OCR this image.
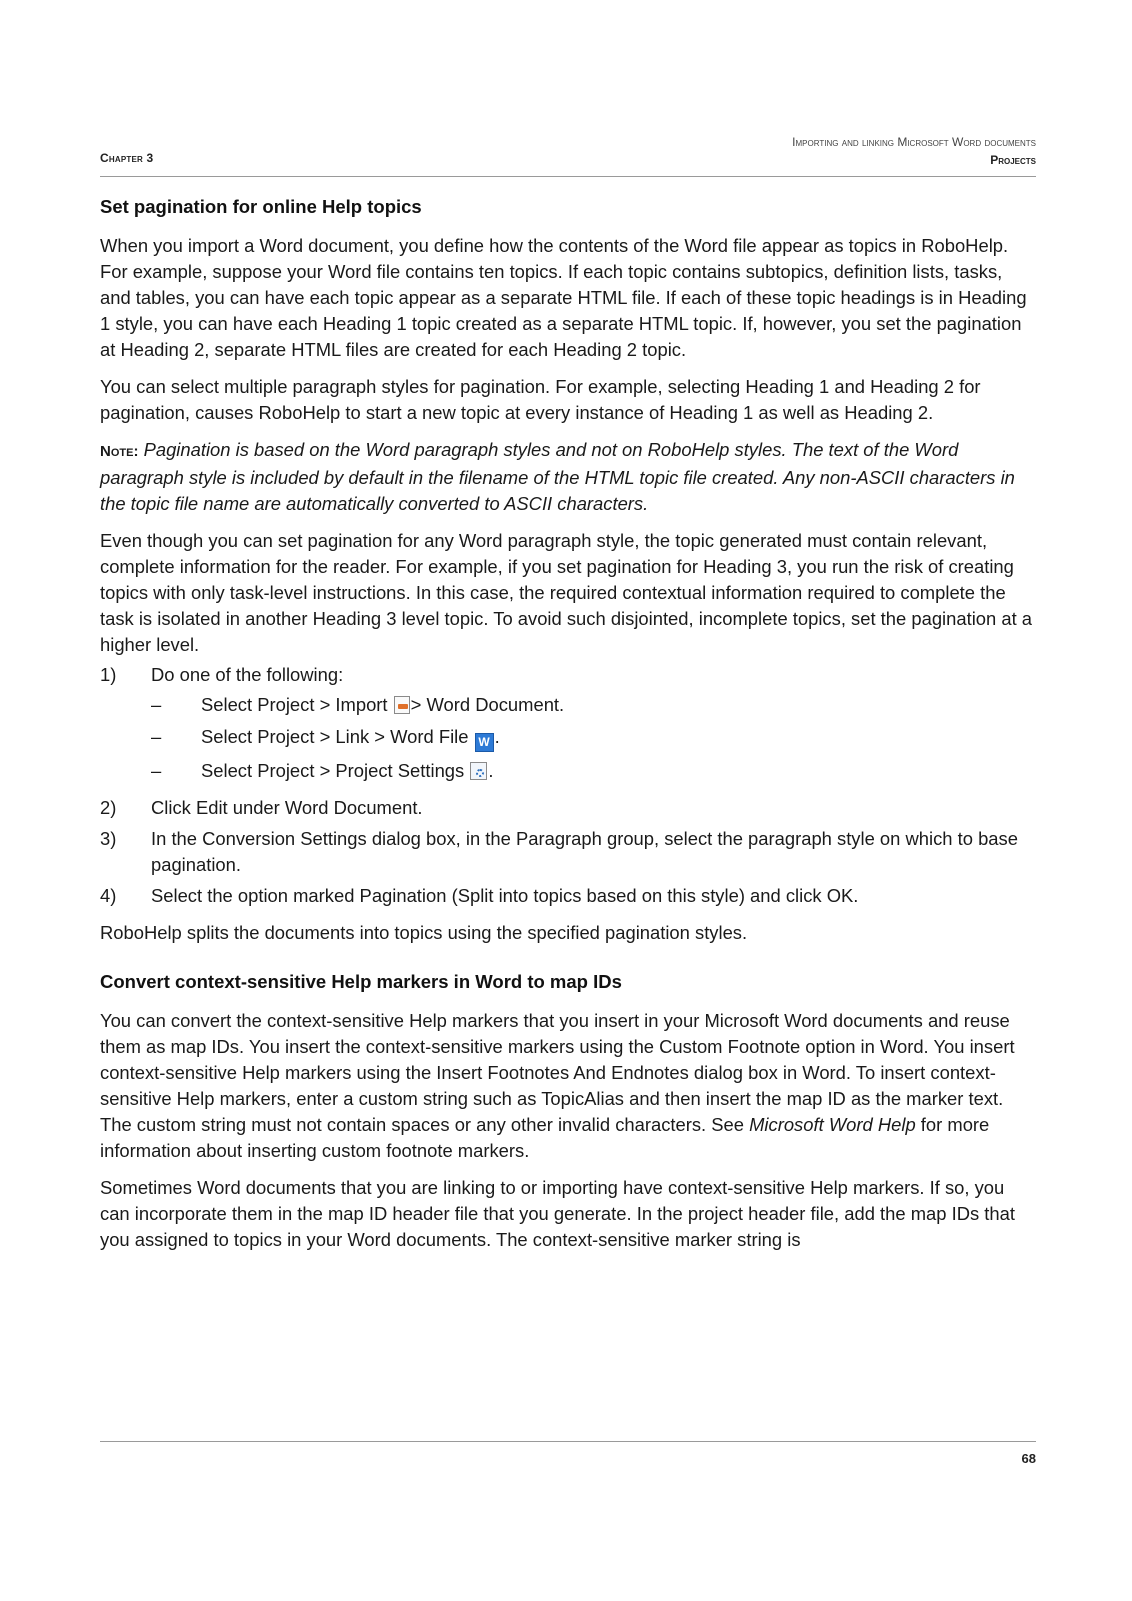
Chapter 3
Importing and linking Microsoft Word documents
Projects
Set pagination for online Help topics

When you import a Word document, you define how the contents of the Word file appear as topics in RoboHelp. For example, suppose your Word file contains ten topics. If each topic contains subtopics, definition lists, tasks, and tables, you can have each topic appear as a separate HTML file. If each of these topic headings is in Heading 1 style, you can have each Heading 1 topic created as a separate HTML topic. If, however, you set the pagination at Heading 2, separate HTML files are created for each Heading 2 topic.

You can select multiple paragraph styles for pagination. For example, selecting Heading 1 and Heading 2 for pagination, causes RoboHelp to start a new topic at every instance of Heading 1 as well as Heading 2.

Note: Pagination is based on the Word paragraph styles and not on RoboHelp styles. The text of the Word paragraph style is included by default in the filename of the HTML topic file created. Any non-ASCII characters in the topic file name are automatically converted to ASCII characters.

Even though you can set pagination for any Word paragraph style, the topic generated must contain relevant, complete information for the reader. For example, if you set pagination for Heading 3, you run the risk of creating topics with only task-level instructions. In this case, the required contextual information required to complete the task is isolated in another Heading 3 level topic. To avoid such disjointed, incomplete topics, set the pagination at a higher level.

1)	Do one of the following:
–	Select Project > Import > Word Document.
–	Select Project > Link > Word File W .
–	Select Project > Project Settings .
2)	Click Edit under Word Document.
3)	In the Conversion Settings dialog box, in the Paragraph group, select the paragraph style on which to base pagination.
4)	Select the option marked Pagination (Split into topics based on this style) and click OK.

RoboHelp splits the documents into topics using the specified pagination styles.

Convert context-sensitive Help markers in Word to map IDs

You can convert the context-sensitive Help markers that you insert in your Microsoft Word documents and reuse them as map IDs. You insert the context-sensitive markers using the Custom Footnote option in Word. You insert context-sensitive Help markers using the Insert Footnotes And Endnotes dialog box in Word. To insert context-sensitive Help markers, enter a custom string such as TopicAlias and then insert the map ID as the marker text. The custom string must not contain spaces or any other invalid characters. See Microsoft Word Help for more information about inserting custom footnote markers.

Sometimes Word documents that you are linking to or importing have context-sensitive Help markers. If so, you can incorporate them in the map ID header file that you generate. In the project header file, add the map IDs that you assigned to topics in your Word documents. The context-sensitive marker string is

68
